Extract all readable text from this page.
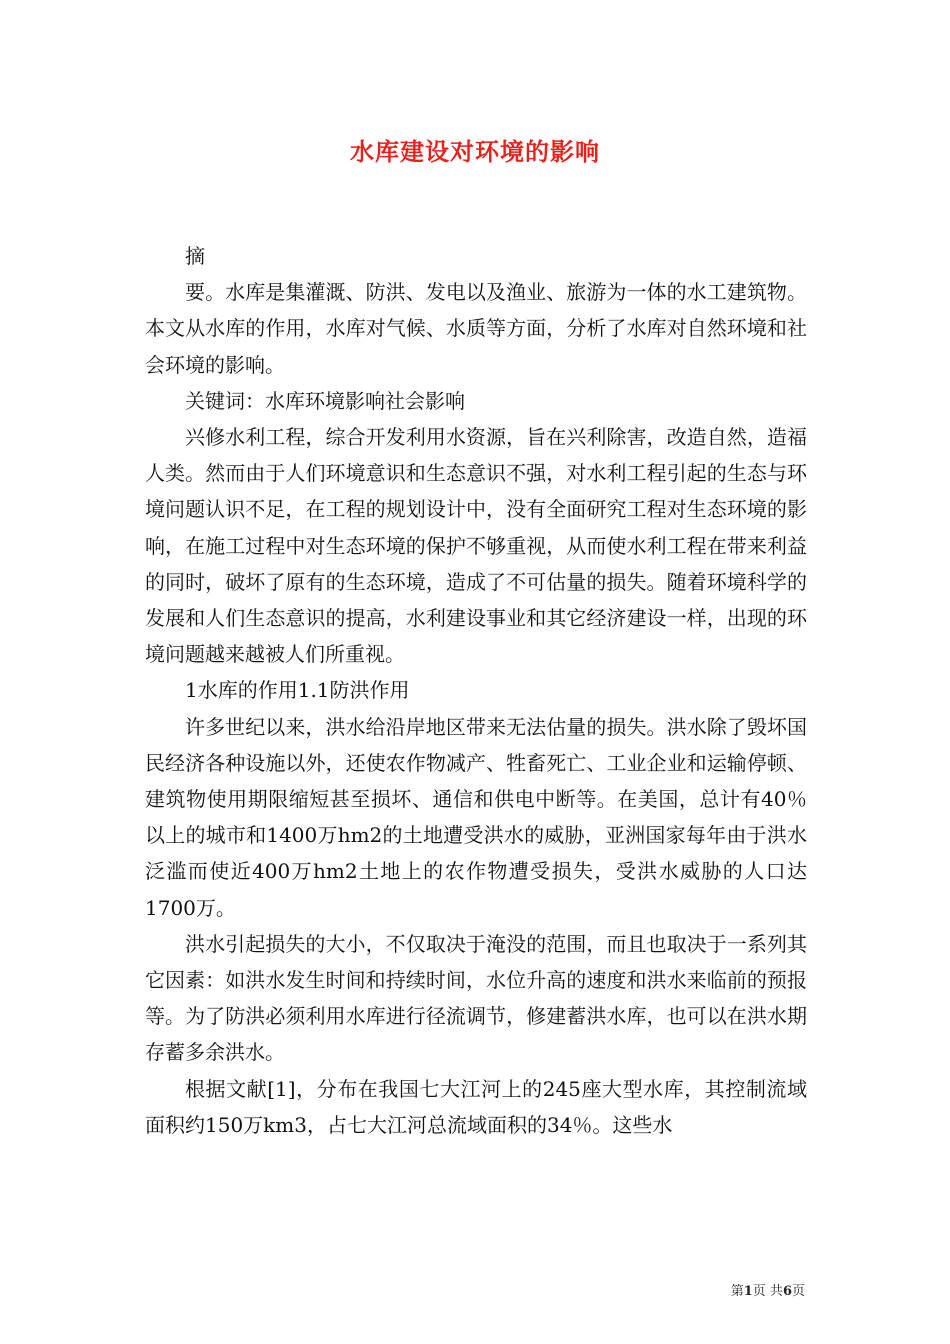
水库建设对环境的影响

摘

要。水库是集灌溉、防洪、发电以及渔业、旅游为一体的水工建筑物。本文从水库的作用，水库对气候、水质等方面，分析了水库对自然环境和社会环境的影响。

关键词：水库环境影响社会影响

兴修水利工程，综合开发利用水资源，旨在兴利除害，改造自然，造福人类。然而由于人们环境意识和生态意识不强，对水利工程引起的生态与环境问题认识不足，在工程的规划设计中，没有全面研究工程对生态环境的影响，在施工过程中对生态环境的保护不够重视，从而使水利工程在带来利益的同时，破坏了原有的生态环境，造成了不可估量的损失。随着环境科学的发展和人们生态意识的提高，水利建设事业和其它经济建设一样，出现的环境问题越来越被人们所重视。

1水库的作用1.1防洪作用

许多世纪以来，洪水给沿岸地区带来无法估量的损失。洪水除了毁坏国民经济各种设施以外，还使农作物减产、牲畜死亡、工业企业和运输停顿、建筑物使用期限缩短甚至损坏、通信和供电中断等。在美国，总计有40％以上的城市和1400万hm2的土地遭受洪水的威胁，亚洲国家每年由于洪水泛滥而使近400万hm2土地上的农作物遭受损失，受洪水威胁的人口达1700万。

洪水引起损失的大小，不仅取决于淹没的范围，而且也取决于一系列其它因素：如洪水发生时间和持续时间，水位升高的速度和洪水来临前的预报等。为了防洪必须利用水库进行径流调节，修建蓄洪水库，也可以在洪水期存蓄多余洪水。

根据文献[1]，分布在我国七大江河上的245座大型水库，其控制流域面积约150万km3，占七大江河总流域面积的34％。这些水

第1页 共6页
